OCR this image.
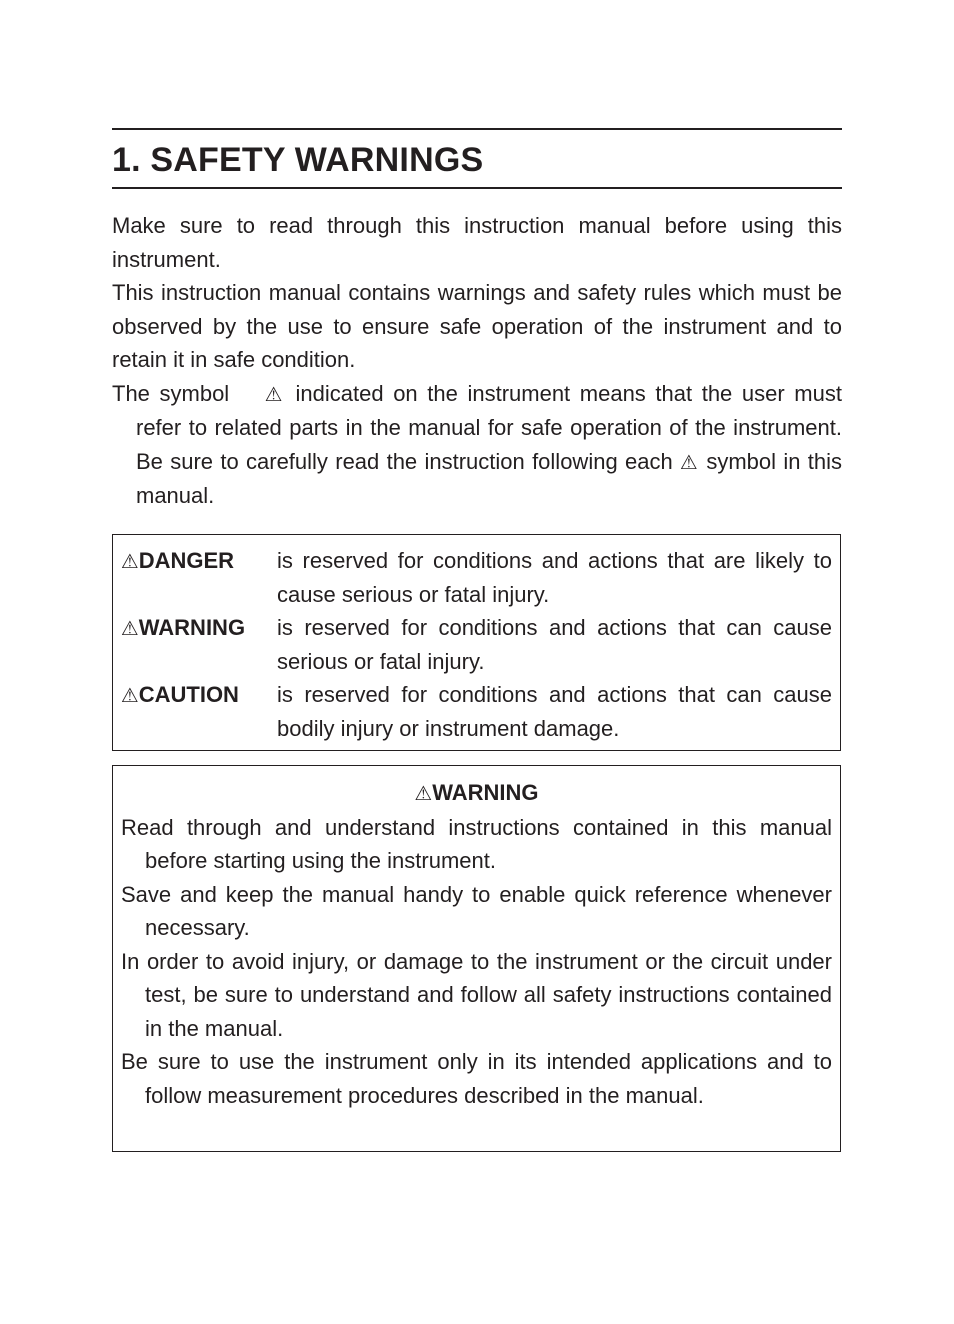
1. SAFETY WARNINGS

Make sure to read through this instruction manual before using this instrument.

This instruction manual contains warnings and safety rules which must be observed by the use to ensure safe operation of the instrument and to retain it in safe condition.

The symbol ⚠ indicated on the instrument means that the user must refer to related parts in the manual for safe operation of the instrument. Be sure to carefully read the instruction following each ⚠ symbol in this manual.

⚠DANGER	is reserved for conditions and actions that are likely to cause serious or fatal injury.
⚠WARNING	is reserved for conditions and actions that can cause serious or fatal injury.
⚠CAUTION	is reserved for conditions and actions that can cause bodily injury or instrument damage.

⚠WARNING

Read through and understand instructions contained in this manual before starting using the instrument.

Save and keep the manual handy to enable quick reference whenever necessary.

In order to avoid injury, or damage to the instrument or the circuit under test, be sure to understand and follow all safety instructions contained in the manual.

Be sure to use the instrument only in its intended applications and to follow measurement procedures described in the manual.
